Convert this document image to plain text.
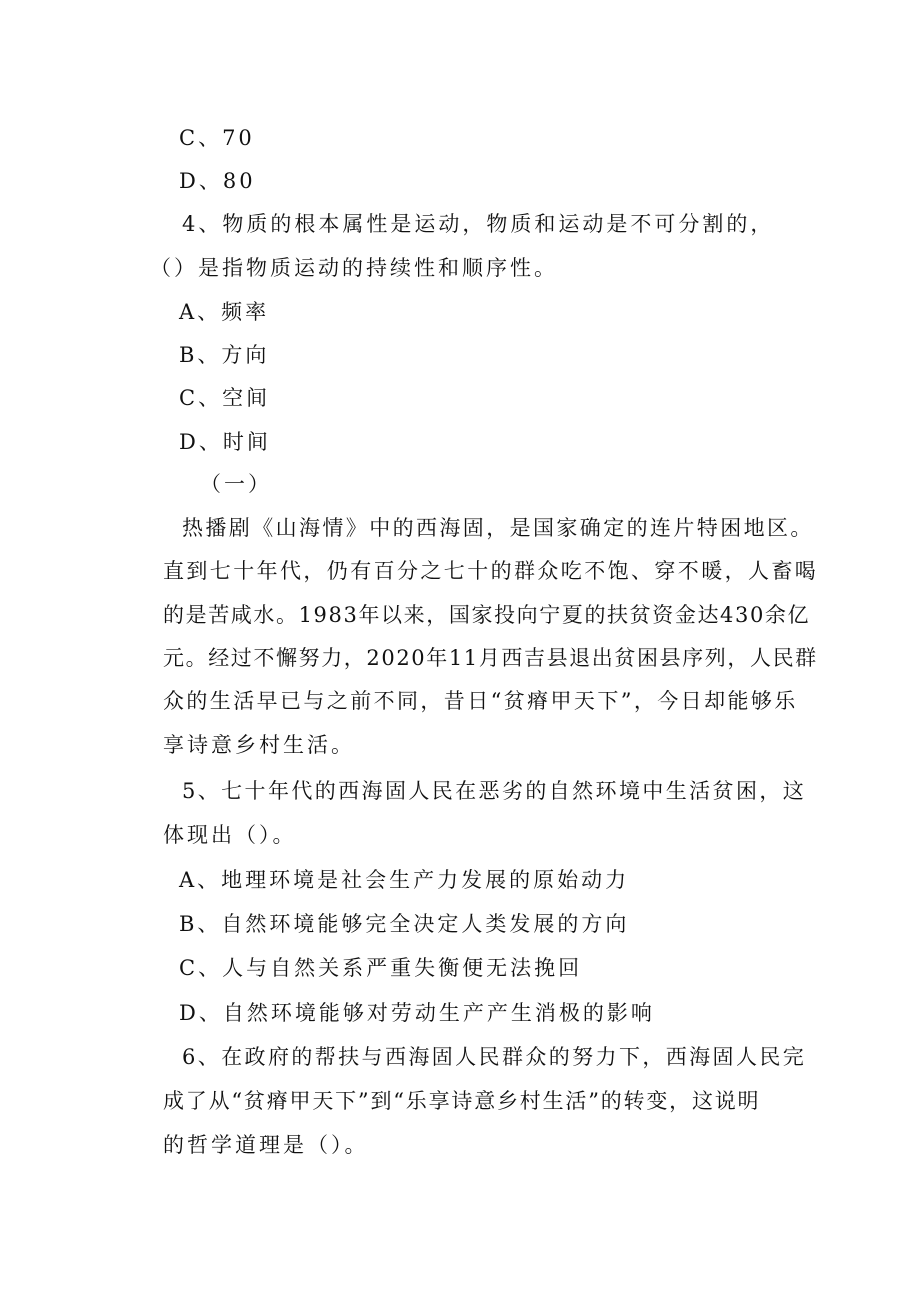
C、70
D、80
4、物质的根本属性是运动，物质和运动是不可分割的，
（）是指物质运动的持续性和顺序性。
A、频率
B、方向
C、空间
D、时间
（一）
热播剧《山海情》中的西海固，是国家确定的连片特困地区。
直到七十年代，仍有百分之七十的群众吃不饱、穿不暖，人畜喝
的是苦咸水。1983年以来，国家投向宁夏的扶贫资金达430余亿
元。经过不懈努力，2020年11月西吉县退出贫困县序列，人民群
众的生活早已与之前不同，昔日“贫瘠甲天下”，今日却能够乐
享诗意乡村生活。
5、七十年代的西海固人民在恶劣的自然环境中生活贫困，这
体现出（）。
A、地理环境是社会生产力发展的原始动力
B、自然环境能够完全决定人类发展的方向
C、人与自然关系严重失衡便无法挽回
D、自然环境能够对劳动生产产生消极的影响
6、在政府的帮扶与西海固人民群众的努力下，西海固人民完
成了从“贫瘠甲天下”到“乐享诗意乡村生活”的转变，这说明
的哲学道理是（）。
